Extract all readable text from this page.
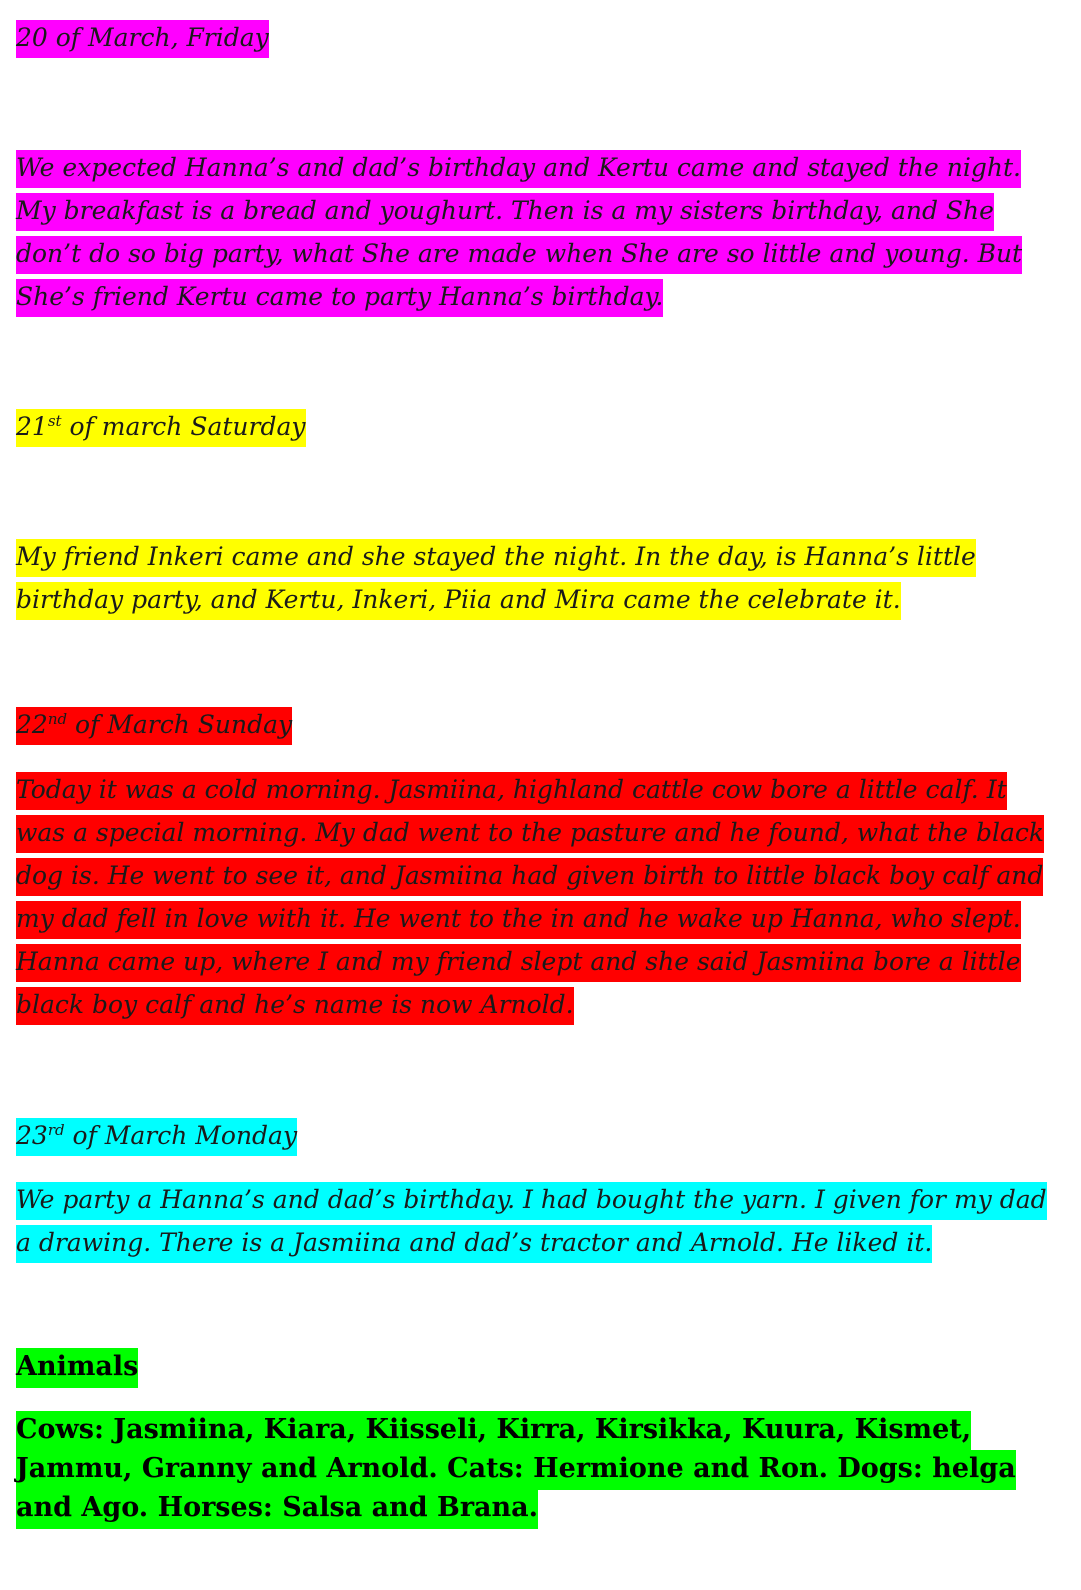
20 of March, Friday

We expected Hanna’s and dad’s birthday and Kertu came and stayed the night. My breakfast is a bread and youghurt. Then is a my sisters birthday, and She don’t do so big party, what She are made when She are so little and young. But She’s friend Kertu came to party Hanna’s birthday.

21st of march Saturday

My friend Inkeri came and she stayed the night. In the day, is Hanna’s little birthday party, and Kertu, Inkeri, Piia and Mira came the celebrate it.

22nd of March Sunday

Today it was a cold morning. Jasmiina, highland cattle cow bore a little calf. It was a special morning. My dad went to the pasture and he found, what the black dog is. He went to see it, and Jasmiina had given birth to little black boy calf and my dad fell in love with it. He went to the in and he wake up Hanna, who slept. Hanna came up, where I and my friend slept and she said Jasmiina bore a little black boy calf and he’s name is now Arnold.

23rd of March Monday

We party a Hanna’s and dad’s birthday. I had bought the yarn. I given for my dad a drawing. There is a Jasmiina and dad’s tractor and Arnold. He liked it.

Animals

Cows: Jasmiina, Kiara, Kiisseli, Kirra, Kirsikka, Kuura, Kismet, Jammu, Granny and Arnold. Cats: Hermione and Ron. Dogs: helga and Ago. Horses: Salsa and Brana.
